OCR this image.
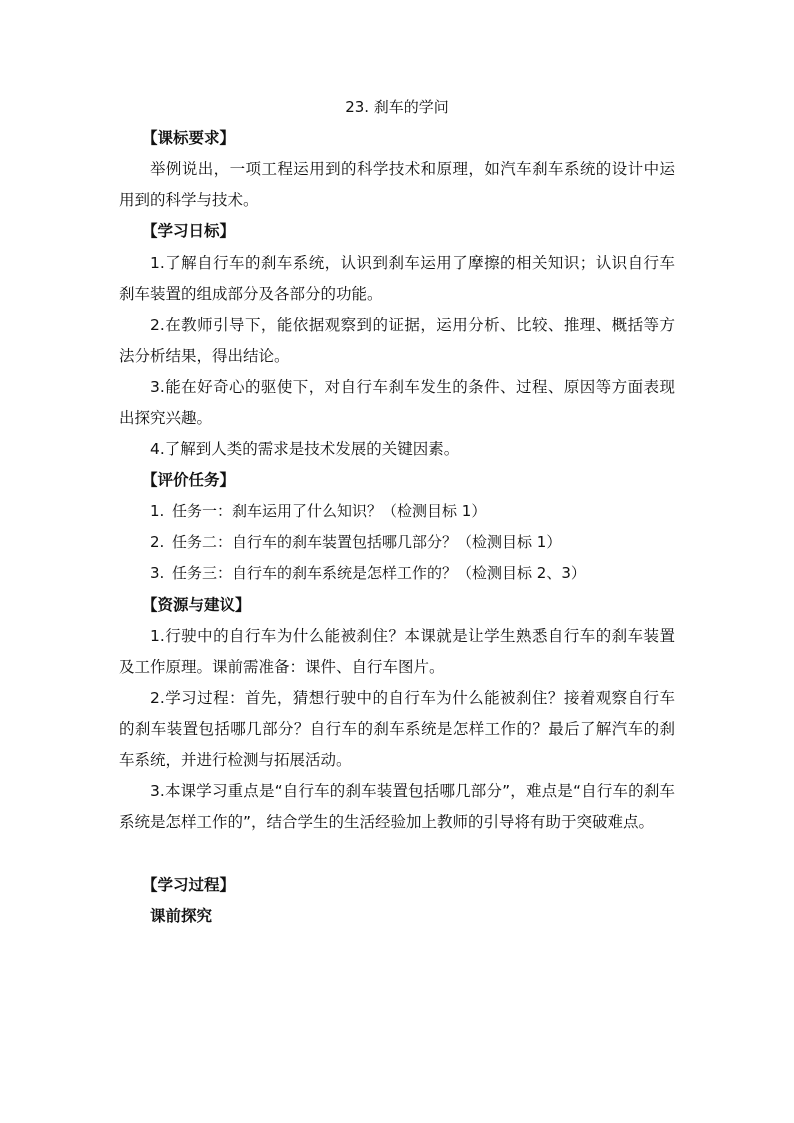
23. 刹车的学问
【课标要求】

举例说出，一项工程运用到的科学技术和原理，如汽车刹车系统的设计中运用到的科学与技术。

【学习日标】

1.了解自行车的刹车系统，认识到刹车运用了摩擦的相关知识；认识自行车刹车装置的组成部分及各部分的功能。

2.在教师引导下，能依据观察到的证据，运用分析、比较、推理、概括等方法分析结果，得出结论。

3.能在好奇心的驱使下，对自行车刹车发生的条件、过程、原因等方面表现出探究兴趣。

4.了解到人类的需求是技术发展的关键因素。

【评价任务】
1. 任务一：刹车运用了什么知识？（检测目标 1）
2. 任务二：自行车的刹车装置包括哪几部分？（检测目标 1）
3. 任务三：自行车的刹车系统是怎样工作的？（检测目标 2、3）
【资源与建议】

1.行驶中的自行车为什么能被刹住？本课就是让学生熟悉自行车的刹车装置及工作原理。课前需准备：课件、自行车图片。

2.学习过程：首先，猜想行驶中的自行车为什么能被刹住？接着观察自行车的刹车装置包括哪几部分？自行车的刹车系统是怎样工作的？最后了解汽车的刹车系统，并进行检测与拓展活动。

3.本课学习重点是“自行车的刹车装置包括哪几部分”，难点是“自行车的刹车系统是怎样工作的”，结合学生的生活经验加上教师的引导将有助于突破难点。

【学习过程】
课前探究
